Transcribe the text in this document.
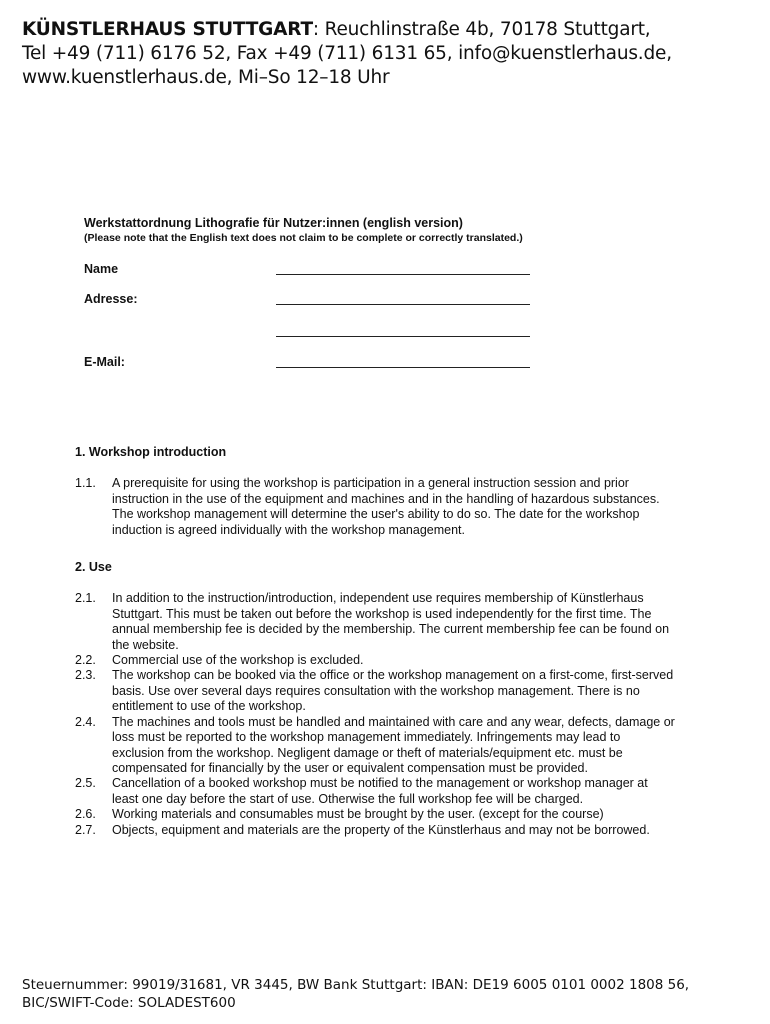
KÜNSTLERHAUS STUTTGART: Reuchlinstraße 4b, 70178 Stuttgart,
Tel +49 (711) 6176 52, Fax +49 (711) 6131 65, info@kuenstlerhaus.de,
www.kuenstlerhaus.de, Mi–So 12–18 Uhr
Werkstattordnung Lithografie für Nutzer:innen (english version)
(Please note that the English text does not claim to be complete or correctly translated.)
Name
Adresse:
E-Mail:
1. Workshop introduction
1.1.	A prerequisite for using the workshop is participation in a general instruction session and prior instruction in the use of the equipment and machines and in the handling of hazardous substances. The workshop management will determine the user's ability to do so. The date for the workshop induction is agreed individually with the workshop management.
2. Use
2.1.	In addition to the instruction/introduction, independent use requires membership of Künstlerhaus Stuttgart. This must be taken out before the workshop is used independently for the first time. The annual membership fee is decided by the membership. The current membership fee can be found on the website.
2.2.	Commercial use of the workshop is excluded.
2.3.	The workshop can be booked via the office or the workshop management on a first-come, first-served basis. Use over several days requires consultation with the workshop management. There is no entitlement to use of the workshop.
2.4.	The machines and tools must be handled and maintained with care and any wear, defects, damage or loss must be reported to the workshop management immediately. Infringements may lead to exclusion from the workshop. Negligent damage or theft of materials/equipment etc. must be compensated for financially by the user or equivalent compensation must be provided.
2.5.	Cancellation of a booked workshop must be notified to the management or workshop manager at least one day before the start of use. Otherwise the full workshop fee will be charged.
2.6.	Working materials and consumables must be brought by the user. (except for the course)
2.7.	Objects, equipment and materials are the property of the Künstlerhaus and may not be borrowed.
Steuernummer: 99019/31681, VR 3445, BW Bank Stuttgart: IBAN: DE19 6005 0101 0002 1808 56,
BIC/SWIFT-Code: SOLADEST600
